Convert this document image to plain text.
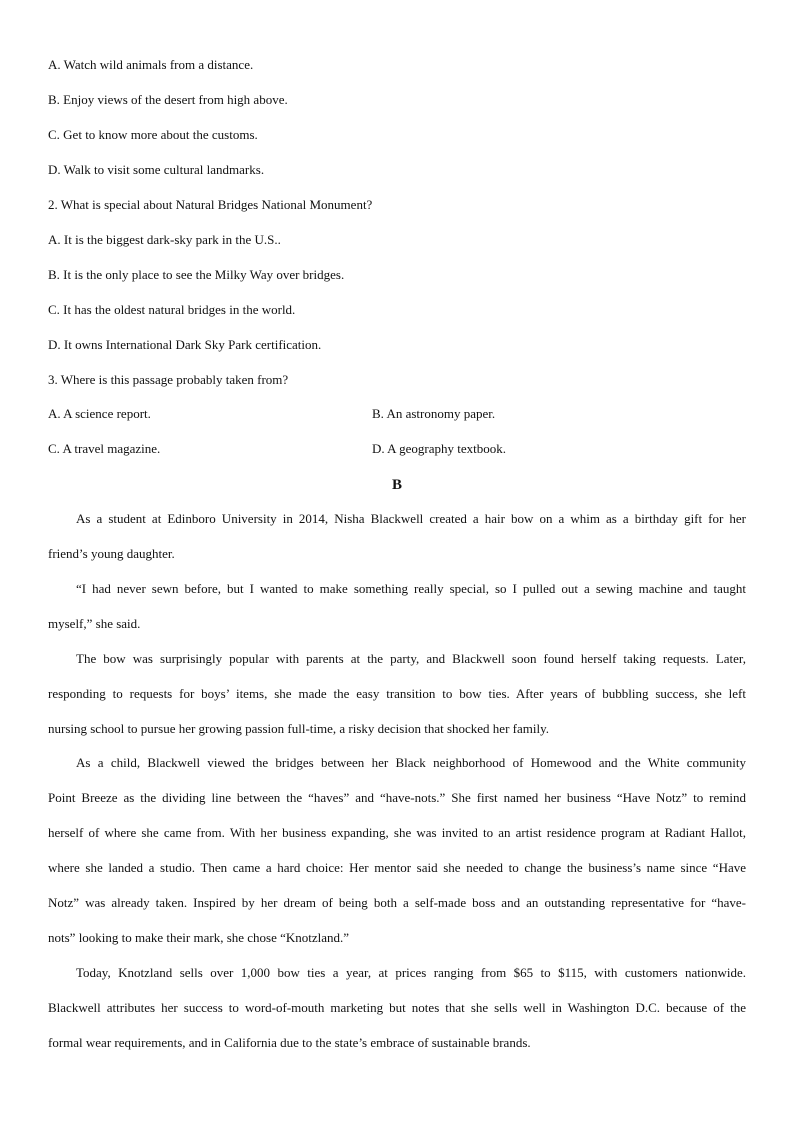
A. Watch wild animals from a distance.
B. Enjoy views of the desert from high above.
C. Get to know more about the customs.
D. Walk to visit some cultural landmarks.
2. What is special about Natural Bridges National Monument?
A. It is the biggest dark-sky park in the U.S..
B. It is the only place to see the Milky Way over bridges.
C. It has the oldest natural bridges in the world.
D. It owns International Dark Sky Park certification.
3. Where is this passage probably taken from?
A. A science report.	B. An astronomy paper.
C. A travel magazine.	D. A geography textbook.
B
As a student at Edinboro University in 2014, Nisha Blackwell created a hair bow on a whim as a birthday gift for her
friend’s young daughter.
“I had never sewn before, but I wanted to make something really special, so I pulled out a sewing machine and taught
myself,” she said.
The bow was surprisingly popular with parents at the party, and Blackwell soon found herself taking requests. Later,
responding to requests for boys’ items, she made the easy transition to bow ties. After years of bubbling success, she left
nursing school to pursue her growing passion full-time, a risky decision that shocked her family.
As a child, Blackwell viewed the bridges between her Black neighborhood of Homewood and the White community
Point Breeze as the dividing line between the “haves” and “have-nots.” She first named her business “Have Notz” to remind
herself of where she came from. With her business expanding, she was invited to an artist residence program at Radiant Hallot,
where she landed a studio. Then came a hard choice: Her mentor said she needed to change the business’s name since “Have
Notz” was already taken. Inspired by her dream of being both a self-made boss and an outstanding representative for “have-
nots” looking to make their mark, she chose “Knotzland.”
Today, Knotzland sells over 1,000 bow ties a year, at prices ranging from $65 to $115, with customers nationwide.
Blackwell attributes her success to word-of-mouth marketing but notes that she sells well in Washington D.C. because of the
formal wear requirements, and in California due to the state’s embrace of sustainable brands.
